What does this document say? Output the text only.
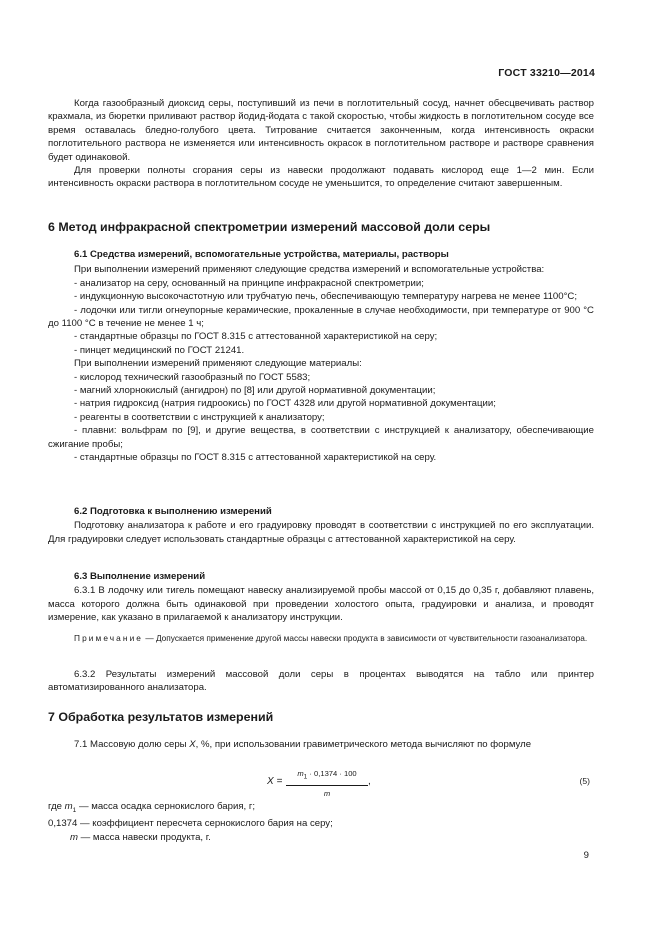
ГОСТ 33210—2014

Когда газообразный диоксид серы, поступивший из печи в поглотительный сосуд, начнет обесцвечивать раствор крахмала, из бюретки приливают раствор йодид-йодата с такой скоростью, чтобы жидкость в поглотительном сосуде все время оставалась бледно-голубого цвета. Титрование считается законченным, когда интенсивность окраски поглотительного раствора не изменяется или интенсивность окрасок в поглотительном растворе и растворе сравнения будет одинаковой.

Для проверки полноты сгорания серы из навески продолжают подавать кислород еще 1—2 мин. Если интенсивность окраски раствора в поглотительном сосуде не уменьшится, то определение считают завершенным.

6 Метод инфракрасной спектрометрии измерений массовой доли серы
6.1 Средства измерений, вспомогательные устройства, материалы, растворы

При выполнении измерений применяют следующие средства измерений и вспомогательные устройства:

- анализатор на серу, основанный на принципе инфракрасной спектрометрии;

- индукционную высокочастотную или трубчатую печь, обеспечивающую температуру нагрева не менее 1100°С;

- лодочки или тигли огнеупорные керамические, прокаленные в случае необходимости, при температуре от 900 °С до 1100 °С в течение не менее 1 ч;

- стандартные образцы по ГОСТ 8.315 с аттестованной характеристикой на серу;

- пинцет медицинский по ГОСТ 21241.

При выполнении измерений применяют следующие материалы:

- кислород технический газообразный по ГОСТ 5583;

- магний хлорнокислый (ангидрон) по [8] или другой нормативной документации;

- натрия гидроксид (натрия гидроокись) по ГОСТ 4328 или другой нормативной документации;

- реагенты в соответствии с инструкцией к анализатору;

- плавни: вольфрам по [9], и другие вещества, в соответствии с инструкцией к анализатору, обеспечивающие сжигание пробы;

- стандартные образцы по ГОСТ 8.315 с аттестованной характеристикой на серу.

6.2 Подготовка к выполнению измерений

Подготовку анализатора к работе и его градуировку проводят в соответствии с инструкцией по его эксплуатации. Для градуировки следует использовать стандартные образцы с аттестованной характеристикой на серу.

6.3 Выполнение измерений

6.3.1 В лодочку или тигель помещают навеску анализируемой пробы массой от 0,15 до 0,35 г, добавляют плавень, масса которого должна быть одинаковой при проведении холостого опыта, градуировки и анализа, и проводят измерение, как указано в прилагаемой к анализатору инструкции.

Примечание — Допускается применение другой массы навески продукта в зависимости от чувствительности газоанализатора.

6.3.2 Результаты измерений массовой доли серы в процентах выводятся на табло или принтер автоматизированного анализатора.

7 Обработка результатов измерений

7.1 Массовую долю серы X, %, при использовании гравиметрического метода вычисляют по формуле

$X = \frac{m_1 \cdot 0,1374 \cdot 100}{m}$ ,	(5)
где $m_1$ — масса осадка сернокислого бария, г;
0,1374 — коэффициент пересчета сернокислого бария на серу;
m — масса навески продукта, г.
9
